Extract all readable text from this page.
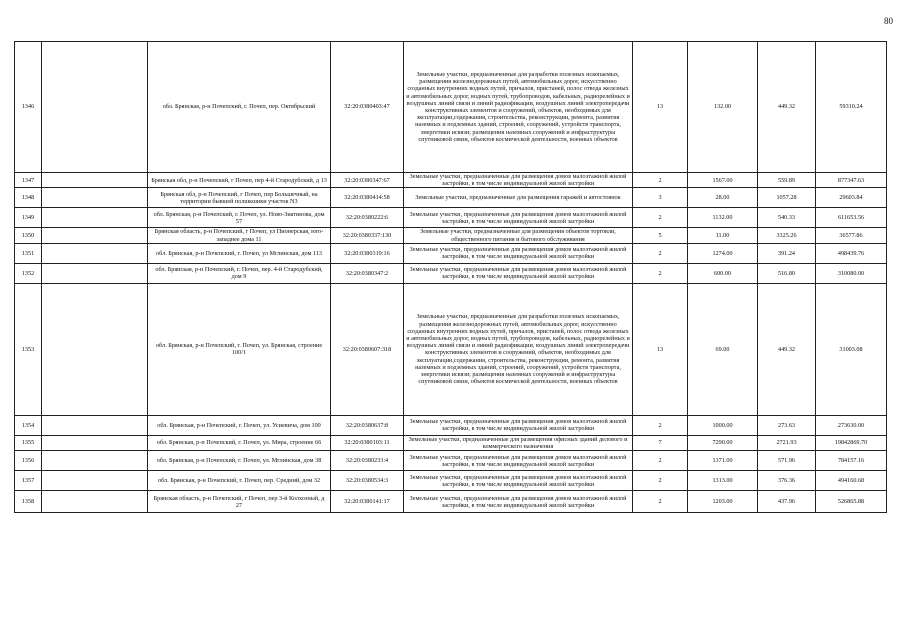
80
1346		обл. Брянская, р-н Почепский, г. Почеп, пер. Октябрьский	32:20:0380403:47	Земельные участки, предназначенные для разработки полезных ископаемых, размещения железнодорожных путей, автомобильных дорог, искусственно созданных внутренних водных путей, причалов, пристаней, полос отвода железных и автомобильных дорог, водных путей, трубопроводов, кабельных, радиорелейных и воздушных линий связи и линий радиофикации, воздушных линий электропередачи конструктивных элементов и сооружений, объектов, необходимых для эксплуатации,содержания, строительства, реконструкции, ремонта, развития наземных и подземных зданий, строений, сооружений, устройств транспорта, энергетики исвязи; размещения наземных сооружений и инфраструктуры спутниковой связи, объектов космической деятельности, военных объектов	13	132.00	449.32	59310.24
1347		Брянская обл, р-н Почепский, г Почеп, пер 4-й Стародубский, д 13	32:20:0380347:67	Земельные участки, предназначенные для размещения домов малоэтажной жилой застройки, в том числе индивидуальной жилой застройки	2	1567.00	559.89	877347.63
1348		Брянская обл, р-н Почепский, г Почеп, пер Большечный, на территории бывшей полшкшики участок N3	32:20:0380414:58	Земельные участки, предназначенные для размещения гаражей и автостоянок	3	28.00	1057.28	29603.84
1349		обл. Брянская, р-н Почепский, г. Почеп, ул. Ново-Зиатинова, дом 57	32:20:0380222:6	Земельные участки, предназначенные для размещения домов малоэтажной жилой застройки, в том числе индивидуальной жилой застройки	2	1132.00	540.33	611653.56
1350		Брянская область, р-н Почепский, г Почеп, ул Пионерская, юго-западнее дома 11	32:20:0380337:130	Земельные участки, предназначенные для размещения объектов торговли, общественного питания и бытового обслуживания	5	11.00	3325.26	36577.86
1351		обл. Брянская, р-н Почепский, г. Почеп, ул Мглинская, дом 113	32:20:0380319:16	Земельные участки, предназначенные для размещения домов малоэтажной жилой застройки, в том числе индивидуальной жилой застройки	2	1274.00	391.24	498439.76
1352		обл. Брянская, р-н Почепский, г. Почеп, пер. 4-й Стародубский, дом 9	32:20:0380347:2	Земельные участки, предназначенные для размещения домов малоэтажной жилой застройки, в том числе индивидуальной жилой застройки	2	600.00	516.80	310080.00
1353		обл. Брянская, р-н Почепский, г. Почеп, ул. Брянская, строение 100/1	32:20:0380607:318	Земельные участки, предназначенные для разработки полезных ископаемых, размещения железнодорожных путей, автомобильных дорог, искусственно созданных внутренних водных путей, причалов, пристаней, полос отвода железных и автомобильных дорог, водных путей, трубопроводов, кабельных, радиорелейных и воздушных линий связи и линий радиофикации, воздушных линий электропередачи конструктивных элементов и сооружений, объектов, необходимых для эксплуатации,содержания, строительства, реконструкции, ремонта, развития наземных и подземных зданий, строений, сооружений, устройств транспорта, энергетики исвязи; размещения наземных сооружений и инфраструктуры спутниковой связи, объектов космической деятельности, военных объектов	13	69.00	449.32	31003.08
1354		обл. Брянская, р-н Почепский, г. Почеп, ул. Усиевича, дом 100	32:20:0380637:8	Земельные участки, предназначенные для размещения домов малоэтажной жилой застройки, в том числе индивидуальной жилой застройки	2	1000.00	273.63	273630.00
1355		обл. Брянская, р-н Почепский, г. Почеп, ул. Мира, строение 66	32:20:0380103:11	Земельные участки, предназначенные для размещения офисных зданий делового и коммерческого назначения	7	7290.00	2721.93	19842869.70
1356		обл. Брянская, р-н Почепский, г. Почеп, ул. Мглинская, дом 38	32:20:0380233:4	Земельные участки, предназначенные для размещения домов малоэтажной жилой застройки, в том числе индивидуальной жилой застройки	2	1371.00	571.96	784157.16
1357		обл. Брянская, р-н Почепский, г. Почеп, пер. Средний, дом 32	32:20:0380534:3	Земельные участки, предназначенные для размещения домов малоэтажной жилой застройки, в том числе индивидуальной жилой застройки	2	1313.00	376.36	494160.68
1358		Брянская область, р-н Почепский, г Почеп, пер 3-й Колхозный, д 27	32:20:0380141:17	Земельные участки, предназначенные для размещения домов малоэтажной жилой застройки, в том числе индивидуальной жилой застройки	2	1203.00	437.96	526865.88
